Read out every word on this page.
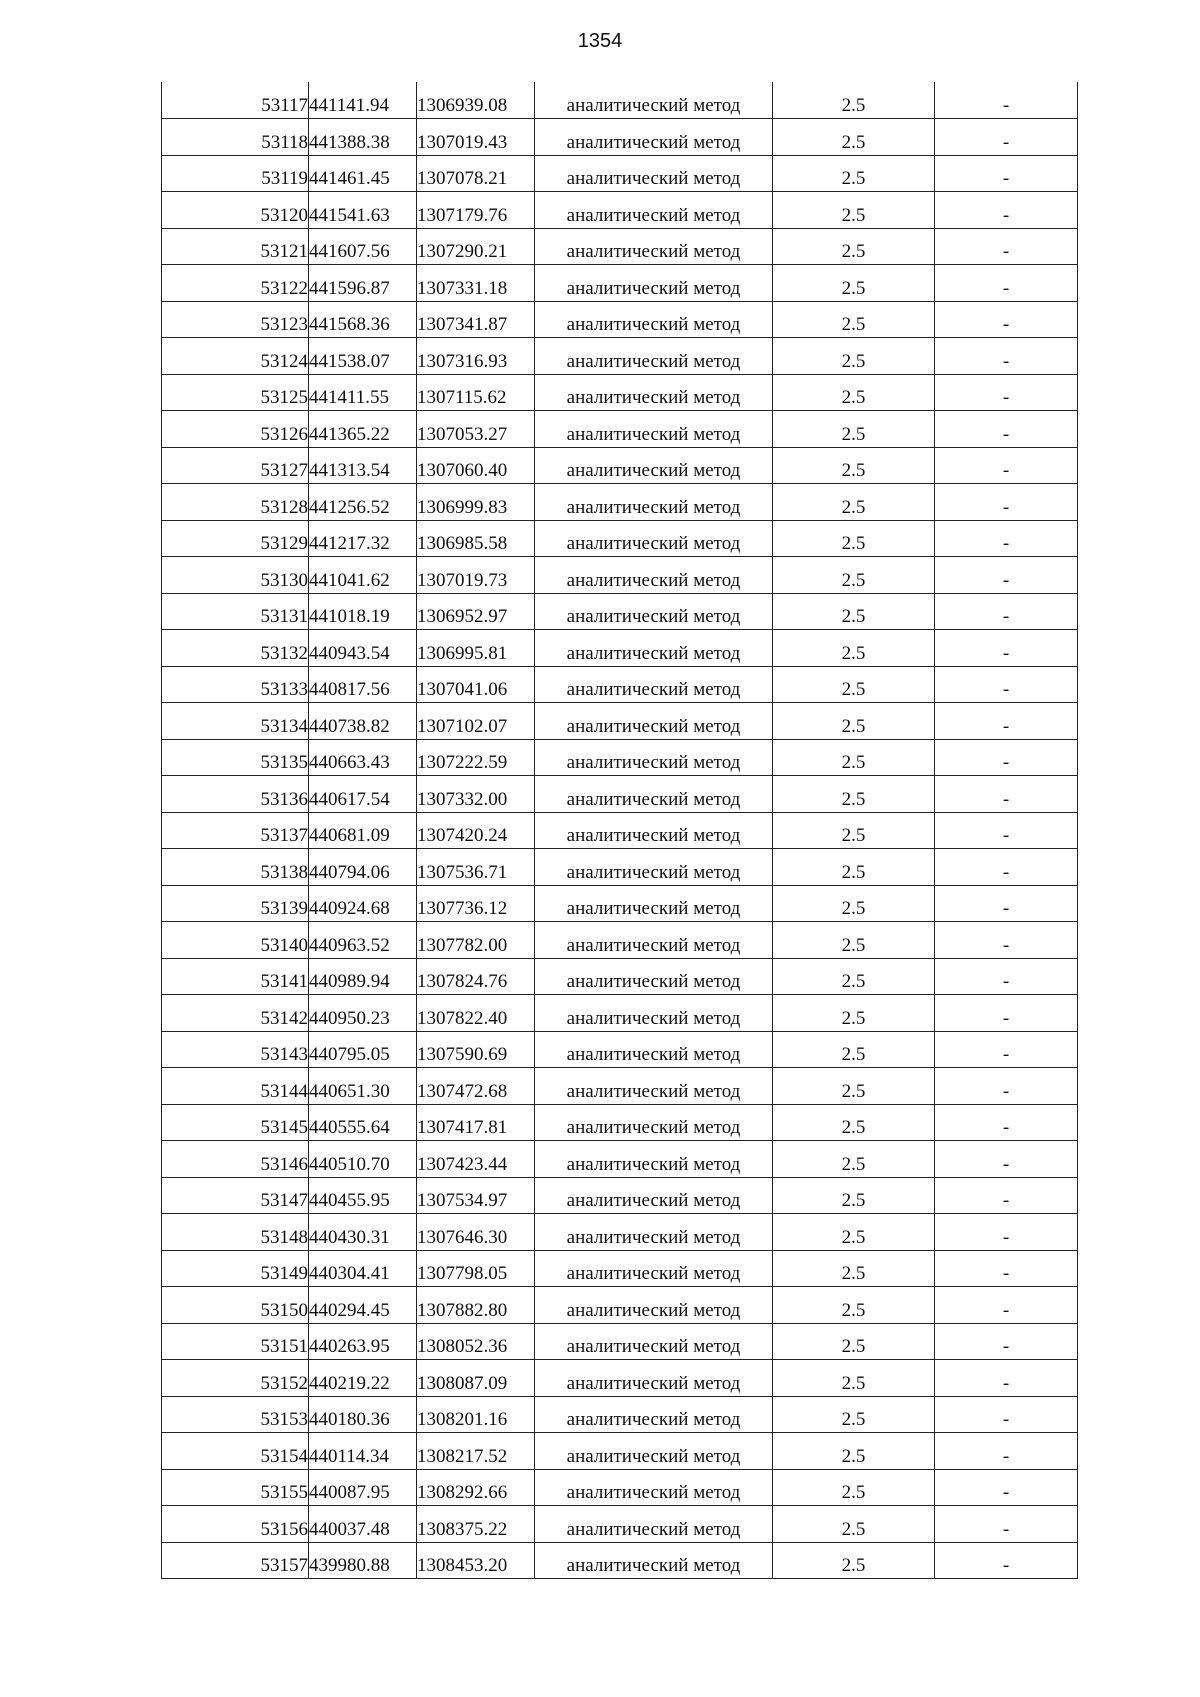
1354
53117	441141.94	1306939.08	аналитический метод	2.5	-
53118	441388.38	1307019.43	аналитический метод	2.5	-
53119	441461.45	1307078.21	аналитический метод	2.5	-
53120	441541.63	1307179.76	аналитический метод	2.5	-
53121	441607.56	1307290.21	аналитический метод	2.5	-
53122	441596.87	1307331.18	аналитический метод	2.5	-
53123	441568.36	1307341.87	аналитический метод	2.5	-
53124	441538.07	1307316.93	аналитический метод	2.5	-
53125	441411.55	1307115.62	аналитический метод	2.5	-
53126	441365.22	1307053.27	аналитический метод	2.5	-
53127	441313.54	1307060.40	аналитический метод	2.5	-
53128	441256.52	1306999.83	аналитический метод	2.5	-
53129	441217.32	1306985.58	аналитический метод	2.5	-
53130	441041.62	1307019.73	аналитический метод	2.5	-
53131	441018.19	1306952.97	аналитический метод	2.5	-
53132	440943.54	1306995.81	аналитический метод	2.5	-
53133	440817.56	1307041.06	аналитический метод	2.5	-
53134	440738.82	1307102.07	аналитический метод	2.5	-
53135	440663.43	1307222.59	аналитический метод	2.5	-
53136	440617.54	1307332.00	аналитический метод	2.5	-
53137	440681.09	1307420.24	аналитический метод	2.5	-
53138	440794.06	1307536.71	аналитический метод	2.5	-
53139	440924.68	1307736.12	аналитический метод	2.5	-
53140	440963.52	1307782.00	аналитический метод	2.5	-
53141	440989.94	1307824.76	аналитический метод	2.5	-
53142	440950.23	1307822.40	аналитический метод	2.5	-
53143	440795.05	1307590.69	аналитический метод	2.5	-
53144	440651.30	1307472.68	аналитический метод	2.5	-
53145	440555.64	1307417.81	аналитический метод	2.5	-
53146	440510.70	1307423.44	аналитический метод	2.5	-
53147	440455.95	1307534.97	аналитический метод	2.5	-
53148	440430.31	1307646.30	аналитический метод	2.5	-
53149	440304.41	1307798.05	аналитический метод	2.5	-
53150	440294.45	1307882.80	аналитический метод	2.5	-
53151	440263.95	1308052.36	аналитический метод	2.5	-
53152	440219.22	1308087.09	аналитический метод	2.5	-
53153	440180.36	1308201.16	аналитический метод	2.5	-
53154	440114.34	1308217.52	аналитический метод	2.5	-
53155	440087.95	1308292.66	аналитический метод	2.5	-
53156	440037.48	1308375.22	аналитический метод	2.5	-
53157	439980.88	1308453.20	аналитический метод	2.5	-
